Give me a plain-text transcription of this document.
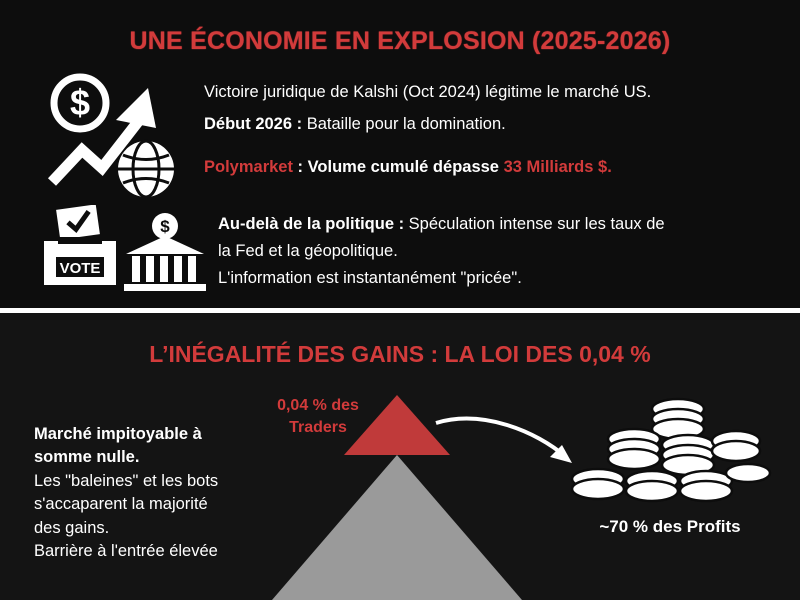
UNE ÉCONOMIE EN EXPLOSION (2025-2026)
$
VOTE
$

Victoire juridique de Kalshi (Oct 2024) légitime le marché US.

Début 2026 : Bataille pour la domination.

Polymarket : Volume cumulé dépasse 33 Milliards $.

Au-delà de la politique : Spéculation intense sur les taux de

la Fed et la géopolitique.

L'information est instantanément "pricée".

L’INÉGALITÉ DES GAINS : LA LOI DES 0,04 %

Marché impitoyable à

somme nulle.

Les "baleines" et les bots

s'accaparent la majorité

des gains.

Barrière à l'entrée élevée

0,04 % des
Traders
~70 % des Profits
